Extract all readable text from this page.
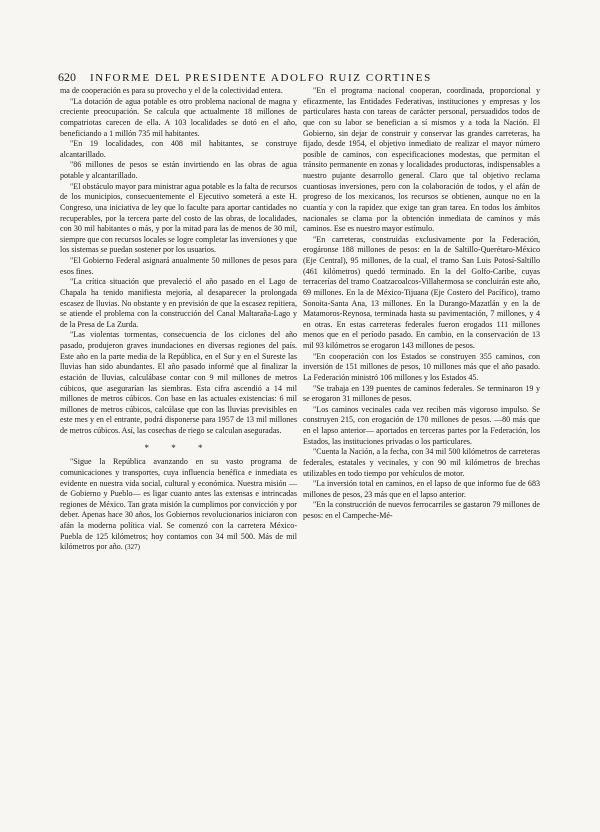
620 INFORME DEL PRESIDENTE ADOLFO RUIZ CORTINES

ma de cooperación es para su provecho y el de la colectividad entera.

"La dotación de agua potable es otro problema nacional de magna y creciente preocupación. Se calcula que actualmente 18 millones de compatriotas carecen de ella. A 103 localidades se dotó en el año, beneficiando a 1 millón 735 mil habitantes.

"En 19 localidades, con 408 mil habitantes, se construye alcantarillado.

"86 millones de pesos se están invirtiendo en las obras de agua potable y alcantarillado.

"El obstáculo mayor para ministrar agua potable es la falta de recursos de los municipios, consecuentemente el Ejecutivo someterá a este H. Congreso, una iniciativa de ley que lo faculte para aportar cantidades no recuperables, por la tercera parte del costo de las obras, de localidades, con 30 mil habitantes o más, y por la mitad para las de menos de 30 mil, siempre que con recursos locales se logre completar las inversiones y que los sistemas se puedan sostener por los usuarios.

"El Gobierno Federal asignará anualmente 50 millones de pesos para esos fines.

"La crítica situación que prevaleció el año pasado en el Lago de Chapala ha tenido manifiesta mejoría, al desaparecer la prolongada escasez de lluvias. No obstante y en previsión de que la escasez repitiera, se atiende el problema con la construcción del Canal Maltaraña-Lago y de la Presa de La Zurda.

"Las violentas tormentas, consecuencia de los ciclones del año pasado, produjeron graves inundaciones en diversas regiones del país. Este año en la parte media de la República, en el Sur y en el Sureste las lluvias han sido abundantes. El año pasado informé que al finalizar la estación de lluvias, calculábase contar con 9 mil millones de metros cúbicos, que asegurarían las siembras. Esta cifra ascendió a 14 mil millones de metros cúbicos. Con base en las actuales existencias: 6 mil millones de metros cúbicos, calcúlase que con las lluvias previsibles en este mes y en el entrante, podrá disponerse para 1957 de 13 mil millones de metros cúbicos. Así, las cosechas de riego se calculan aseguradas.

* * *

"Sigue la República avanzando en su vasto programa de comunicaciones y transportes, cuya influencia benéfica e inmediata es evidente en nuestra vida social, cultural y económica. Nuestra misión —de Gobierno y Pueblo— es ligar cuanto antes las extensas e intrincadas regiones de México. Tan grata misión la cumplimos por convicción y por deber. Apenas hace 30 años, los Gobiernos revolucionarios iniciaron con afán la moderna política vial. Se comenzó con la carretera México-Puebla de 125 kilómetros; hoy contamos con 34 mil 500. Más de mil kilómetros por año. (327)

"En el programa nacional cooperan, coordinada, proporcional y eficazmente, las Entidades Federativas, instituciones y empresas y los particulares hasta con tareas de carácter personal, persuadidos todos de que con su labor se benefician a sí mismos y a toda la Nación. El Gobierno, sin dejar de construir y conservar las grandes carreteras, ha fijado, desde 1954, el objetivo inmediato de realizar el mayor número posible de caminos, con especificaciones modestas, que permitan el tránsito permanente en zonas y localidades productoras, indispensables a nuestro pujante desarrollo general. Claro que tal objetivo reclama cuantiosas inversiones, pero con la colaboración de todos, y el afán de progreso de los mexicanos, los recursos se obtienen, aunque no en la cuantía y con la rapidez que exige tan gran tarea. En todos los ámbitos nacionales se clama por la obtención inmediata de caminos y más caminos. Ese es nuestro mayor estímulo.

"En carreteras, construidas exclusivamente por la Federación, erogáronse 188 millones de pesos: en la de Saltillo-Querétaro-México (Eje Central), 95 millones, de la cual, el tramo San Luis Potosí-Saltillo (461 kilómetros) quedó terminado. En la del Golfo-Caribe, cuyas terracerías del tramo Coatzacoalcos-Villahermosa se concluirán este año, 69 millones. En la de México-Tijuana (Eje Costero del Pacífico), tramo Sonoita-Santa Ana, 13 millones. En la Durango-Mazatlán y en la de Matamoros-Reynosa, terminada hasta su pavimentación, 7 millones, y 4 en otras. En estas carreteras federales fueron erogados 111 millones menos que en el período pasado. En cambio, en la conservación de 13 mil 93 kilómetros se erogaron 143 millones de pesos.

"En cooperación con los Estados se construyen 355 caminos, con inversión de 151 millones de pesos, 10 millones más que el año pasado. La Federación ministró 106 millones y los Estados 45.

"Se trabaja en 139 puentes de caminos federales. Se terminaron 19 y se erogaron 31 millones de pesos.

"Los caminos vecinales cada vez reciben más vigoroso impulso. Se construyen 215, con erogación de 170 millones de pesos. —80 más que en el lapso anterior— aportados en terceras partes por la Federación, los Estados, las instituciones privadas o los particulares.

"Cuenta la Nación, a la fecha, con 34 mil 500 kilómetros de carreteras federales, estatales y vecinales, y con 90 mil kilómetros de brechas utilizables en todo tiempo por vehículos de motor.

"La inversión total en caminos, en el lapso de que informo fue de 683 millones de pesos, 23 más que en el lapso anterior.

"En la construcción de nuevos ferrocarriles se gastaron 79 millones de pesos: en el Campeche-Mé-
